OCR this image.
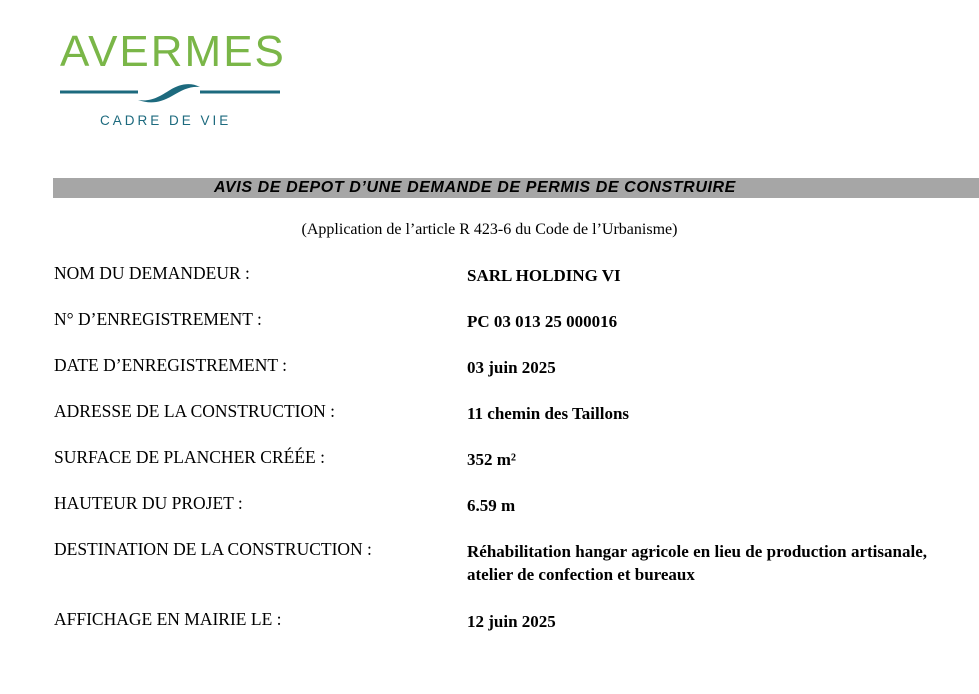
AVERMES
CADRE DE VIE
AVIS DE DEPOT D’UNE DEMANDE DE PERMIS DE CONSTRUIRE
(Application de l’article R 423-6 du Code de l’Urbanisme)
NOM DU DEMANDEUR :	SARL HOLDING VI
N° D’ENREGISTREMENT :	PC 03 013 25 000016
DATE D’ENREGISTREMENT :	03 juin 2025
ADRESSE DE LA CONSTRUCTION :	11 chemin des Taillons
SURFACE DE PLANCHER CRÉÉE :	352 m²
HAUTEUR DU PROJET :	6.59 m
DESTINATION DE LA CONSTRUCTION :	Réhabilitation hangar agricole en lieu de production artisanale, atelier de confection et bureaux
AFFICHAGE EN MAIRIE LE :	12 juin 2025
